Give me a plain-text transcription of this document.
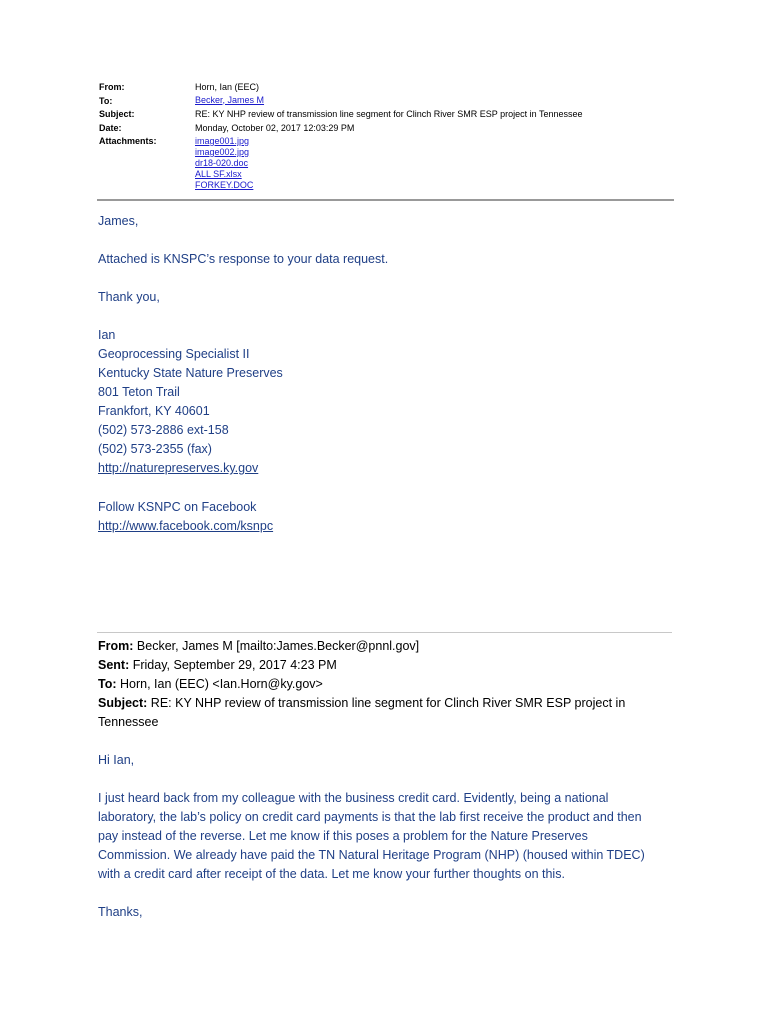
From:	Horn, Ian (EEC)
To:	Becker, James M
Subject:	RE: KY NHP review of transmission line segment for Clinch River SMR ESP project in Tennessee
Date:	Monday, October 02, 2017 12:03:29 PM
Attachments:	image001.jpg
image002.jpg
dr18-020.doc
ALL SF.xlsx
FORKEY.DOC
James,
Attached is KNSPC’s response to your data request.
Thank you,
Ian
Geoprocessing Specialist II
Kentucky State Nature Preserves
801 Teton Trail
Frankfort, KY 40601
(502) 573-2886 ext-158
(502) 573-2355 (fax)
http://naturepreserves.ky.gov
Follow KSNPC on Facebook
http://www.facebook.com/ksnpc
From: Becker, James M [mailto:James.Becker@pnnl.gov]
Sent: Friday, September 29, 2017 4:23 PM
To: Horn, Ian (EEC) <Ian.Horn@ky.gov>
Subject: RE: KY NHP review of transmission line segment for Clinch River SMR ESP project in
Tennessee
Hi Ian,
I just heard back from my colleague with the business credit card. Evidently, being a national
laboratory, the lab’s policy on credit card payments is that the lab first receive the product and then
pay instead of the reverse. Let me know if this poses a problem for the Nature Preserves
Commission. We already have paid the TN Natural Heritage Program (NHP) (housed within TDEC)
with a credit card after receipt of the data. Let me know your further thoughts on this.
Thanks,
